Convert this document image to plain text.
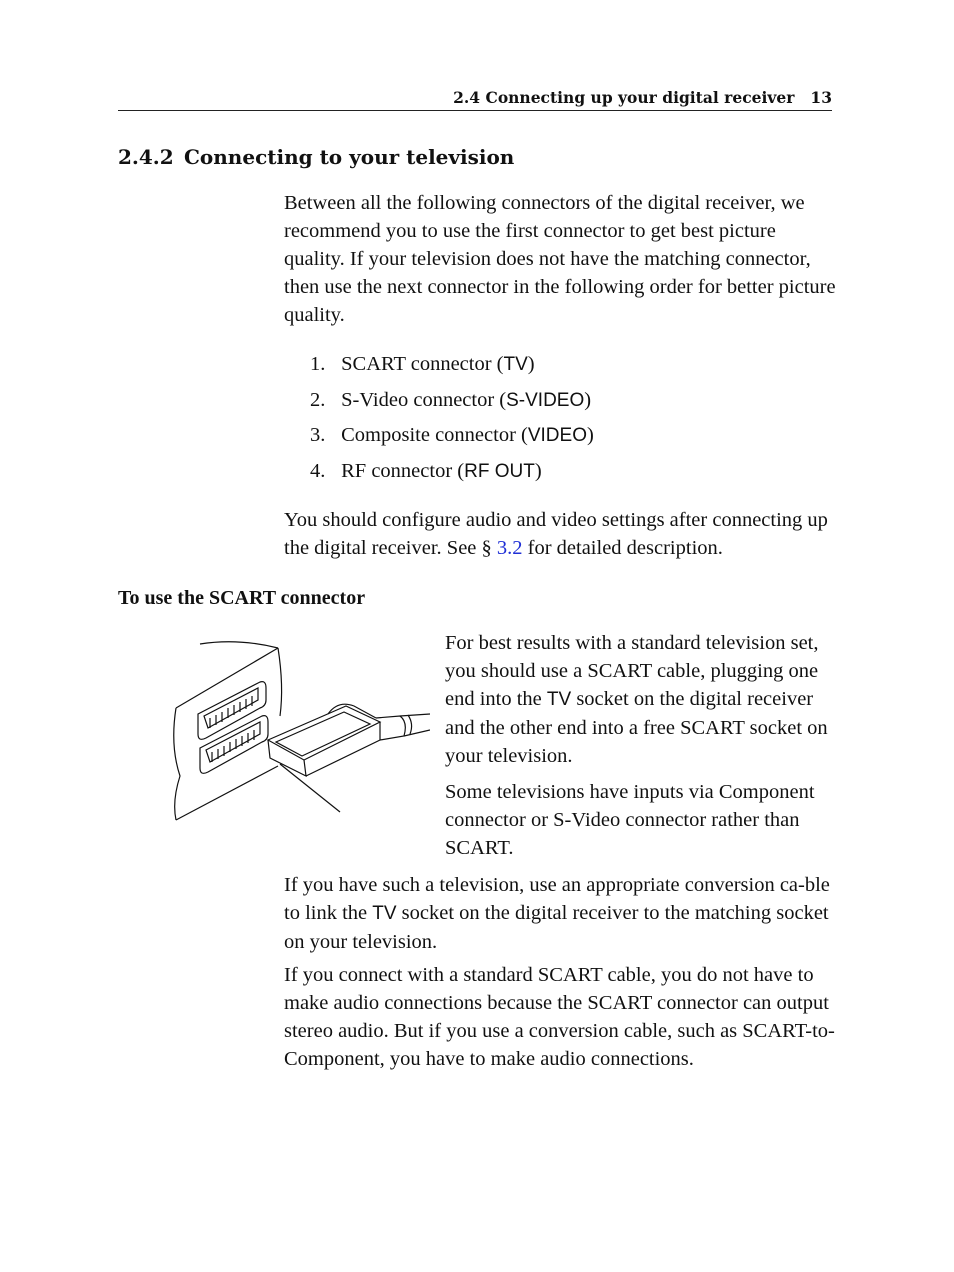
2.4 Connecting up your digital receiver 13
2.4.2 Connecting to your television

Between all the following connectors of the digital receiver, we recommend you to use the first connector to get best picture quality. If your television does not have the matching connector, then use the next connector in the following order for better picture quality.

1. SCART connector (TV)
2. S-Video connector (S-VIDEO)
3. Composite connector (VIDEO)
4. RF connector (RF OUT)

You should configure audio and video settings after connecting up the digital receiver. See § 3.2 for detailed description.

To use the SCART connector

For best results with a standard television set, you should use a SCART cable, plugging one end into the TV socket on the digital receiver and the other end into a free SCART socket on your television.

Some televisions have inputs via Component connector or S-Video connector rather than SCART.

If you have such a television, use an appropriate conversion ca-ble to link the TV socket on the digital receiver to the matching socket on your television.

If you connect with a standard SCART cable, you do not have to make audio connections because the SCART connector can output stereo audio. But if you use a conversion cable, such as SCART-to-Component, you have to make audio connections.
